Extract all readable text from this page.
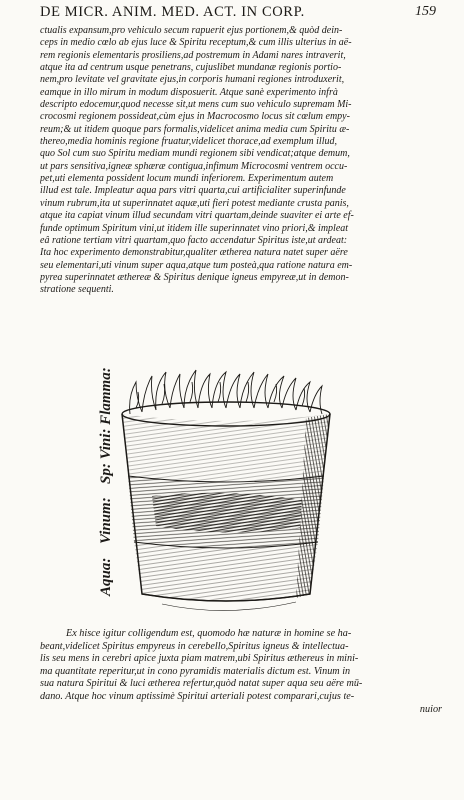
DE MICR. ANIM. MED. ACT. IN CORP.	159
ctualis expansum,pro vehiculo secum rapuerit ejus portionem,& quòd dein-
ceps in medio cœlo ab ejus luce & Spiritu receptum,& cum illis ulterius in aë-
rem regionis elementaris prosiliens,ad postremum in Adami nares intraverit,
atque ita ad centrum usque penetrans, cujuslibet mundanæ regionis portio-
nem,pro levitate vel gravitate ejus,in corporis humani regiones introduxerit,
eamque in illo mirum in modum disposuerit. Atque sanè experimento infrà
descripto edocemur,quod necesse sit,ut mens cum suo vehiculo supremam Mi-
crocosmi regionem possideat,cùm ejus in Macrocosmo locus sit cœlum empy-
reum;& ut itidem quoque pars formalis,videlicet anima media cum Spiritu æ-
thereo,media hominis regione fruatur,videlicet thorace,ad exemplum illud,
quo Sol cum suo Spiritu mediam mundi regionem sibi vendicat;atque demum,
ut pars sensitiva,igneæ sphæræ contigua,infimum Microcosmi ventrem occu-
pet,uti elementa possident locum mundi inferiorem. Experimentum autem
illud est tale. Impleatur aqua pars vitri quarta,cui artificialiter superinfunde
vinum rubrum,ita ut superinnatet aquæ,uti fieri potest mediante crusta panis,
atque ita capiat vinum illud secundam vitri quartam,deinde suaviter ei arte ef-
funde optimum Spiritum vini,ut itidem ille superinnatet vino priori,& impleat
eâ ratione tertiam vitri quartam,quo facto accendatur Spiritus iste,ut ardeat:
Ita hoc experimento demonstrabitur,qualiter ætherea natura natet super aëre
seu elementari,uti vinum super aqua,atque tum posteà,qua ratione natura em-
pyrea superinnatet æthereæ & Spiritus denique igneus empyreæ,ut in demon-
stratione sequenti.
Aqua:
Vinum:
Sp: Vini: Flamma:
Ex hisce igitur colligendum est, quomodo hæ naturæ in homine se ha-
beant,videlicet Spiritus empyreus in cerebello,Spiritus igneus & intellectua-
lis seu mens in cerebri apice juxta piam matrem,ubi Spiritus æthereus in mini-
ma quantitate reperitur,ut in cono pyramidis materialis dictum est. Vinum in
sua natura Spiritui & luci ætherea refertur,quòd natat super aqua seu aëre mū-
dano. Atque hoc vinum aptissimè Spiritui arteriali potest comparari,cujus te-
nuior
